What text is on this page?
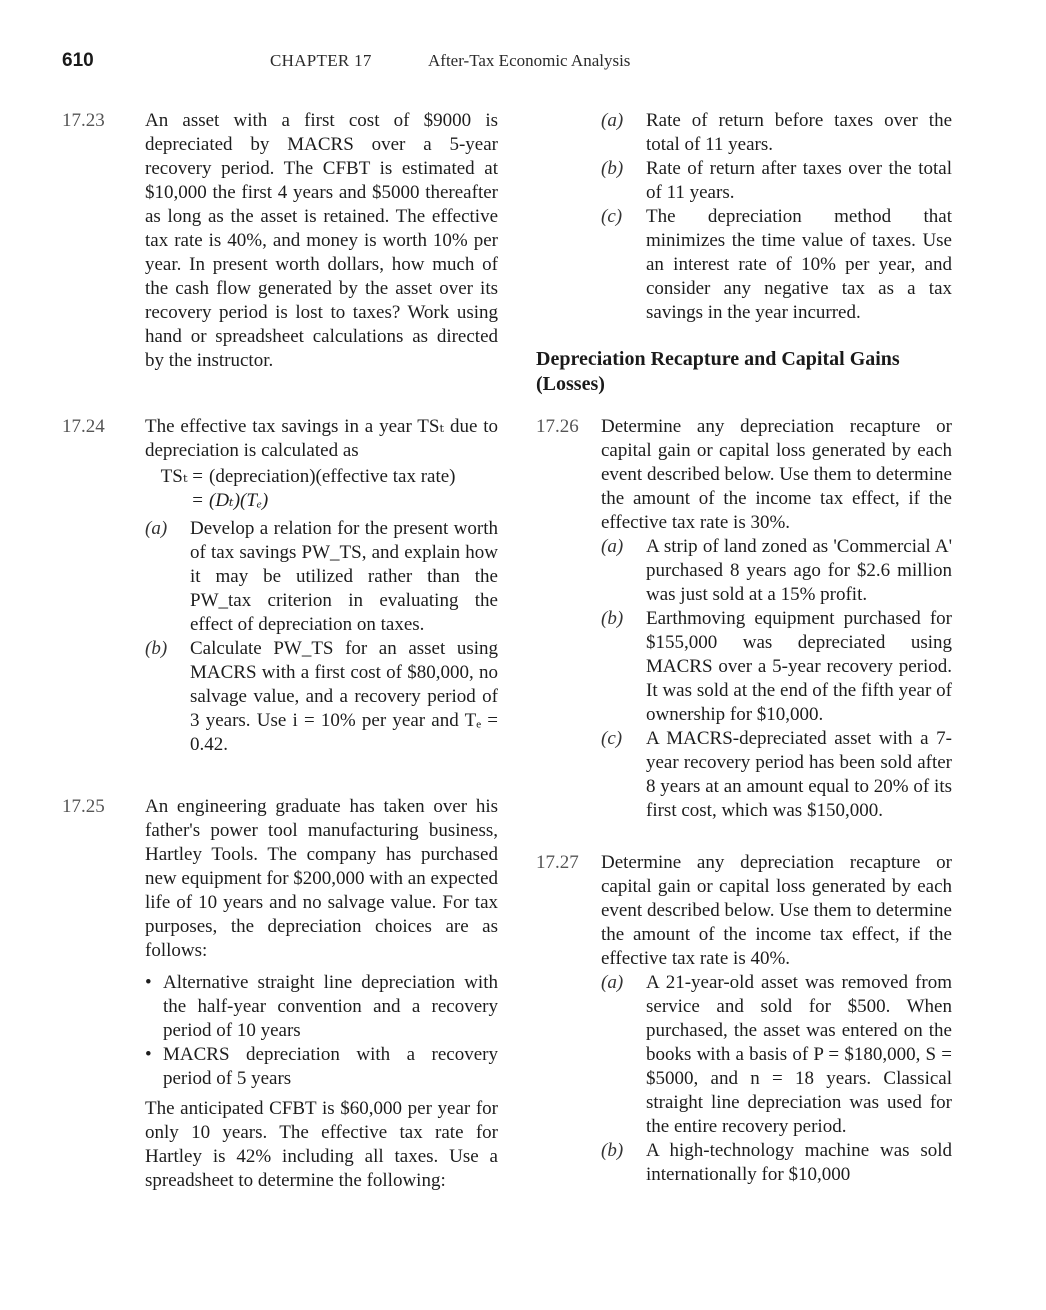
610	CHAPTER 17	After-Tax Economic Analysis
17.23	An asset with a first cost of $9000 is depreciated by MACRS over a 5-year recovery period. The CFBT is estimated at $10,000 the first 4 years and $5000 thereafter as long as the asset is retained. The effective tax rate is 40%, and money is worth 10% per year. In present worth dollars, how much of the cash flow generated by the asset over its recovery period is lost to taxes? Work using hand or spreadsheet calculations as directed by the instructor.

17.24	The effective tax savings in a year TSₜ due to depreciation is calculated as

TSₜ = (depreciation)(effective tax rate)
= (Dₜ)(Tₑ)
(a)	Develop a relation for the present worth of tax savings PW_TS, and explain how it may be utilized rather than the PW_tax criterion in evaluating the effect of depreciation on taxes.
(b)	Calculate PW_TS for an asset using MACRS with a first cost of $80,000, no salvage value, and a recovery period of 3 years. Use i = 10% per year and Tₑ = 0.42.
17.25	An engineering graduate has taken over his father's power tool manufacturing business, Hartley Tools. The company has purchased new equipment for $200,000 with an expected life of 10 years and no salvage value. For tax purposes, the depreciation choices are as follows:

• Alternative straight line depreciation with the half-year convention and a recovery period of 10 years
• MACRS depreciation with a recovery period of 5 years

The anticipated CFBT is $60,000 per year for only 10 years. The effective tax rate for Hartley is 42% including all taxes. Use a spreadsheet to determine the following:

(a)	Rate of return before taxes over the total of 11 years.
(b)	Rate of return after taxes over the total of 11 years.
(c)	The depreciation method that minimizes the time value of taxes. Use an interest rate of 10% per year, and consider any negative tax as a tax savings in the year incurred.
Depreciation Recapture and Capital Gains (Losses)
17.26	Determine any depreciation recapture or capital gain or capital loss generated by each event described below. Use them to determine the amount of the income tax effect, if the effective tax rate is 30%.

(a)	A strip of land zoned as 'Commercial A' purchased 8 years ago for $2.6 million was just sold at a 15% profit.
(b)	Earthmoving equipment purchased for $155,000 was depreciated using MACRS over a 5-year recovery period. It was sold at the end of the fifth year of ownership for $10,000.
(c)	A MACRS-depreciated asset with a 7-year recovery period has been sold after 8 years at an amount equal to 20% of its first cost, which was $150,000.
17.27	Determine any depreciation recapture or capital gain or capital loss generated by each event described below. Use them to determine the amount of the income tax effect, if the effective tax rate is 40%.

(a)	A 21-year-old asset was removed from service and sold for $500. When purchased, the asset was entered on the books with a basis of P = $180,000, S = $5000, and n = 18 years. Classical straight line depreciation was used for the entire recovery period.
(b)	A high-technology machine was sold internationally for $10,000
